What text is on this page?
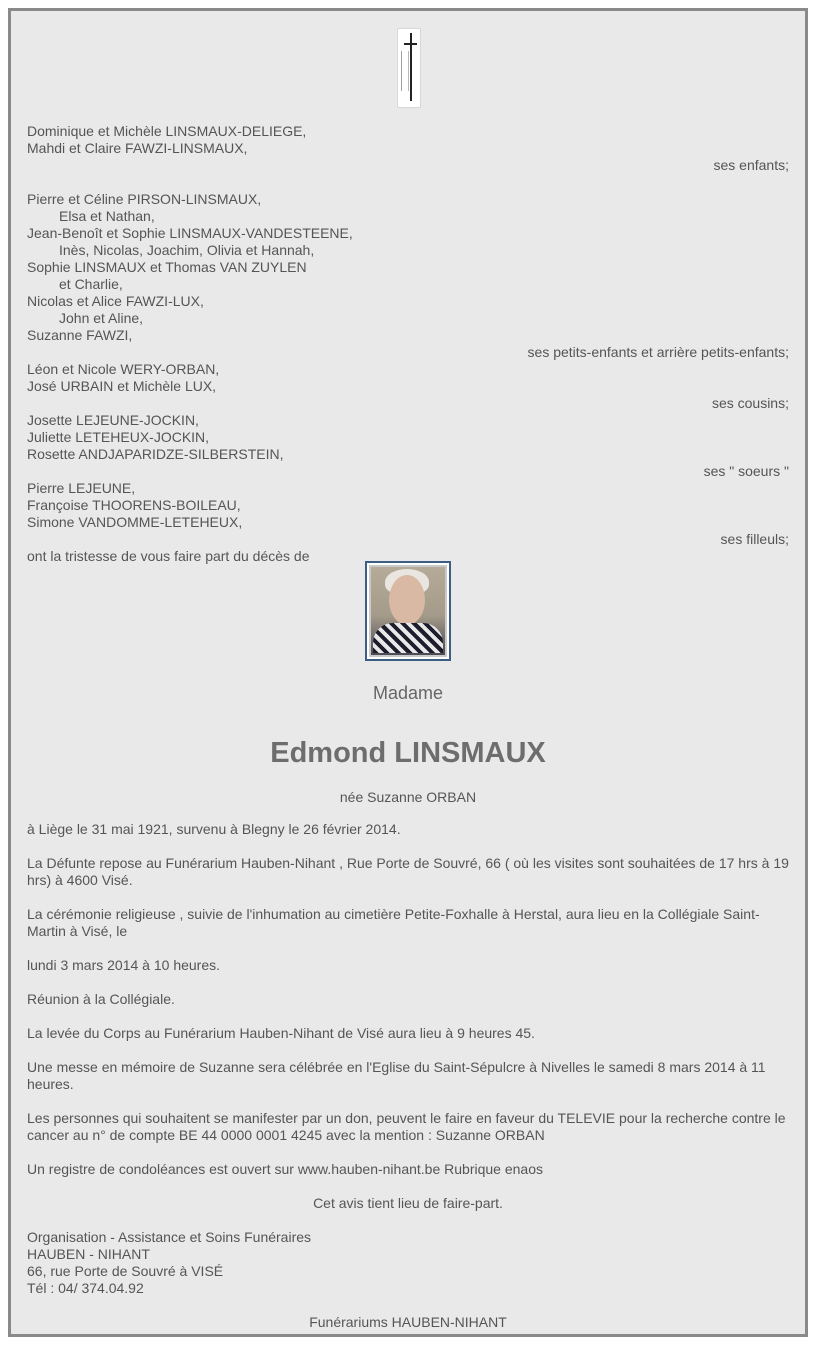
Dominique et Michèle LINSMAUX-DELIEGE,
Mahdi et Claire FAWZI-LINSMAUX,
ses enfants;
Pierre et Céline PIRSON-LINSMAUX,
Elsa et Nathan,
Jean-Benoît et Sophie LINSMAUX-VANDESTEENE,
Inès, Nicolas, Joachim, Olivia et Hannah,
Sophie LINSMAUX et Thomas VAN ZUYLEN
et Charlie,
Nicolas et Alice FAWZI-LUX,
John et Aline,
Suzanne FAWZI,
ses petits-enfants et arrière petits-enfants;
Léon et Nicole WERY-ORBAN,
José URBAIN et Michèle LUX,
ses cousins;
Josette LEJEUNE-JOCKIN,
Juliette LETEHEUX-JOCKIN,
Rosette ANDJAPARIDZE-SILBERSTEIN,
ses " soeurs "
Pierre LEJEUNE,
Françoise THOORENS-BOILEAU,
Simone VANDOMME-LETEHEUX,
ses filleuls;
ont la tristesse de vous faire part du décès de
Madame
Edmond LINSMAUX
née Suzanne ORBAN

à Liège le 31 mai 1921, survenu à Blegny le 26 février 2014.

La Défunte repose au Funérarium Hauben-Nihant , Rue Porte de Souvré, 66 ( où les visites sont souhaitées de 17 hrs à 19 hrs) à 4600 Visé.

La cérémonie religieuse , suivie de l'inhumation au cimetière Petite-Foxhalle à Herstal, aura lieu en la Collégiale Saint-Martin à Visé, le

lundi 3 mars 2014 à 10 heures.

Réunion à la Collégiale.

La levée du Corps au Funérarium Hauben-Nihant de Visé aura lieu à 9 heures 45.

Une messe en mémoire de Suzanne sera célébrée en l'Eglise du Saint-Sépulcre à Nivelles le samedi 8 mars 2014 à 11 heures.

Les personnes qui souhaitent se manifester par un don, peuvent le faire en faveur du TELEVIE pour la recherche contre le cancer au n° de compte BE 44 0000 0001 4245 avec la mention : Suzanne ORBAN

Un registre de condoléances est ouvert sur www.hauben-nihant.be Rubrique enaos

Cet avis tient lieu de faire-part.

Organisation - Assistance et Soins Funéraires
HAUBEN - NIHANT
66, rue Porte de Souvré à VISÉ
Tél : 04/ 374.04.92

Funérariums HAUBEN-NIHANT
